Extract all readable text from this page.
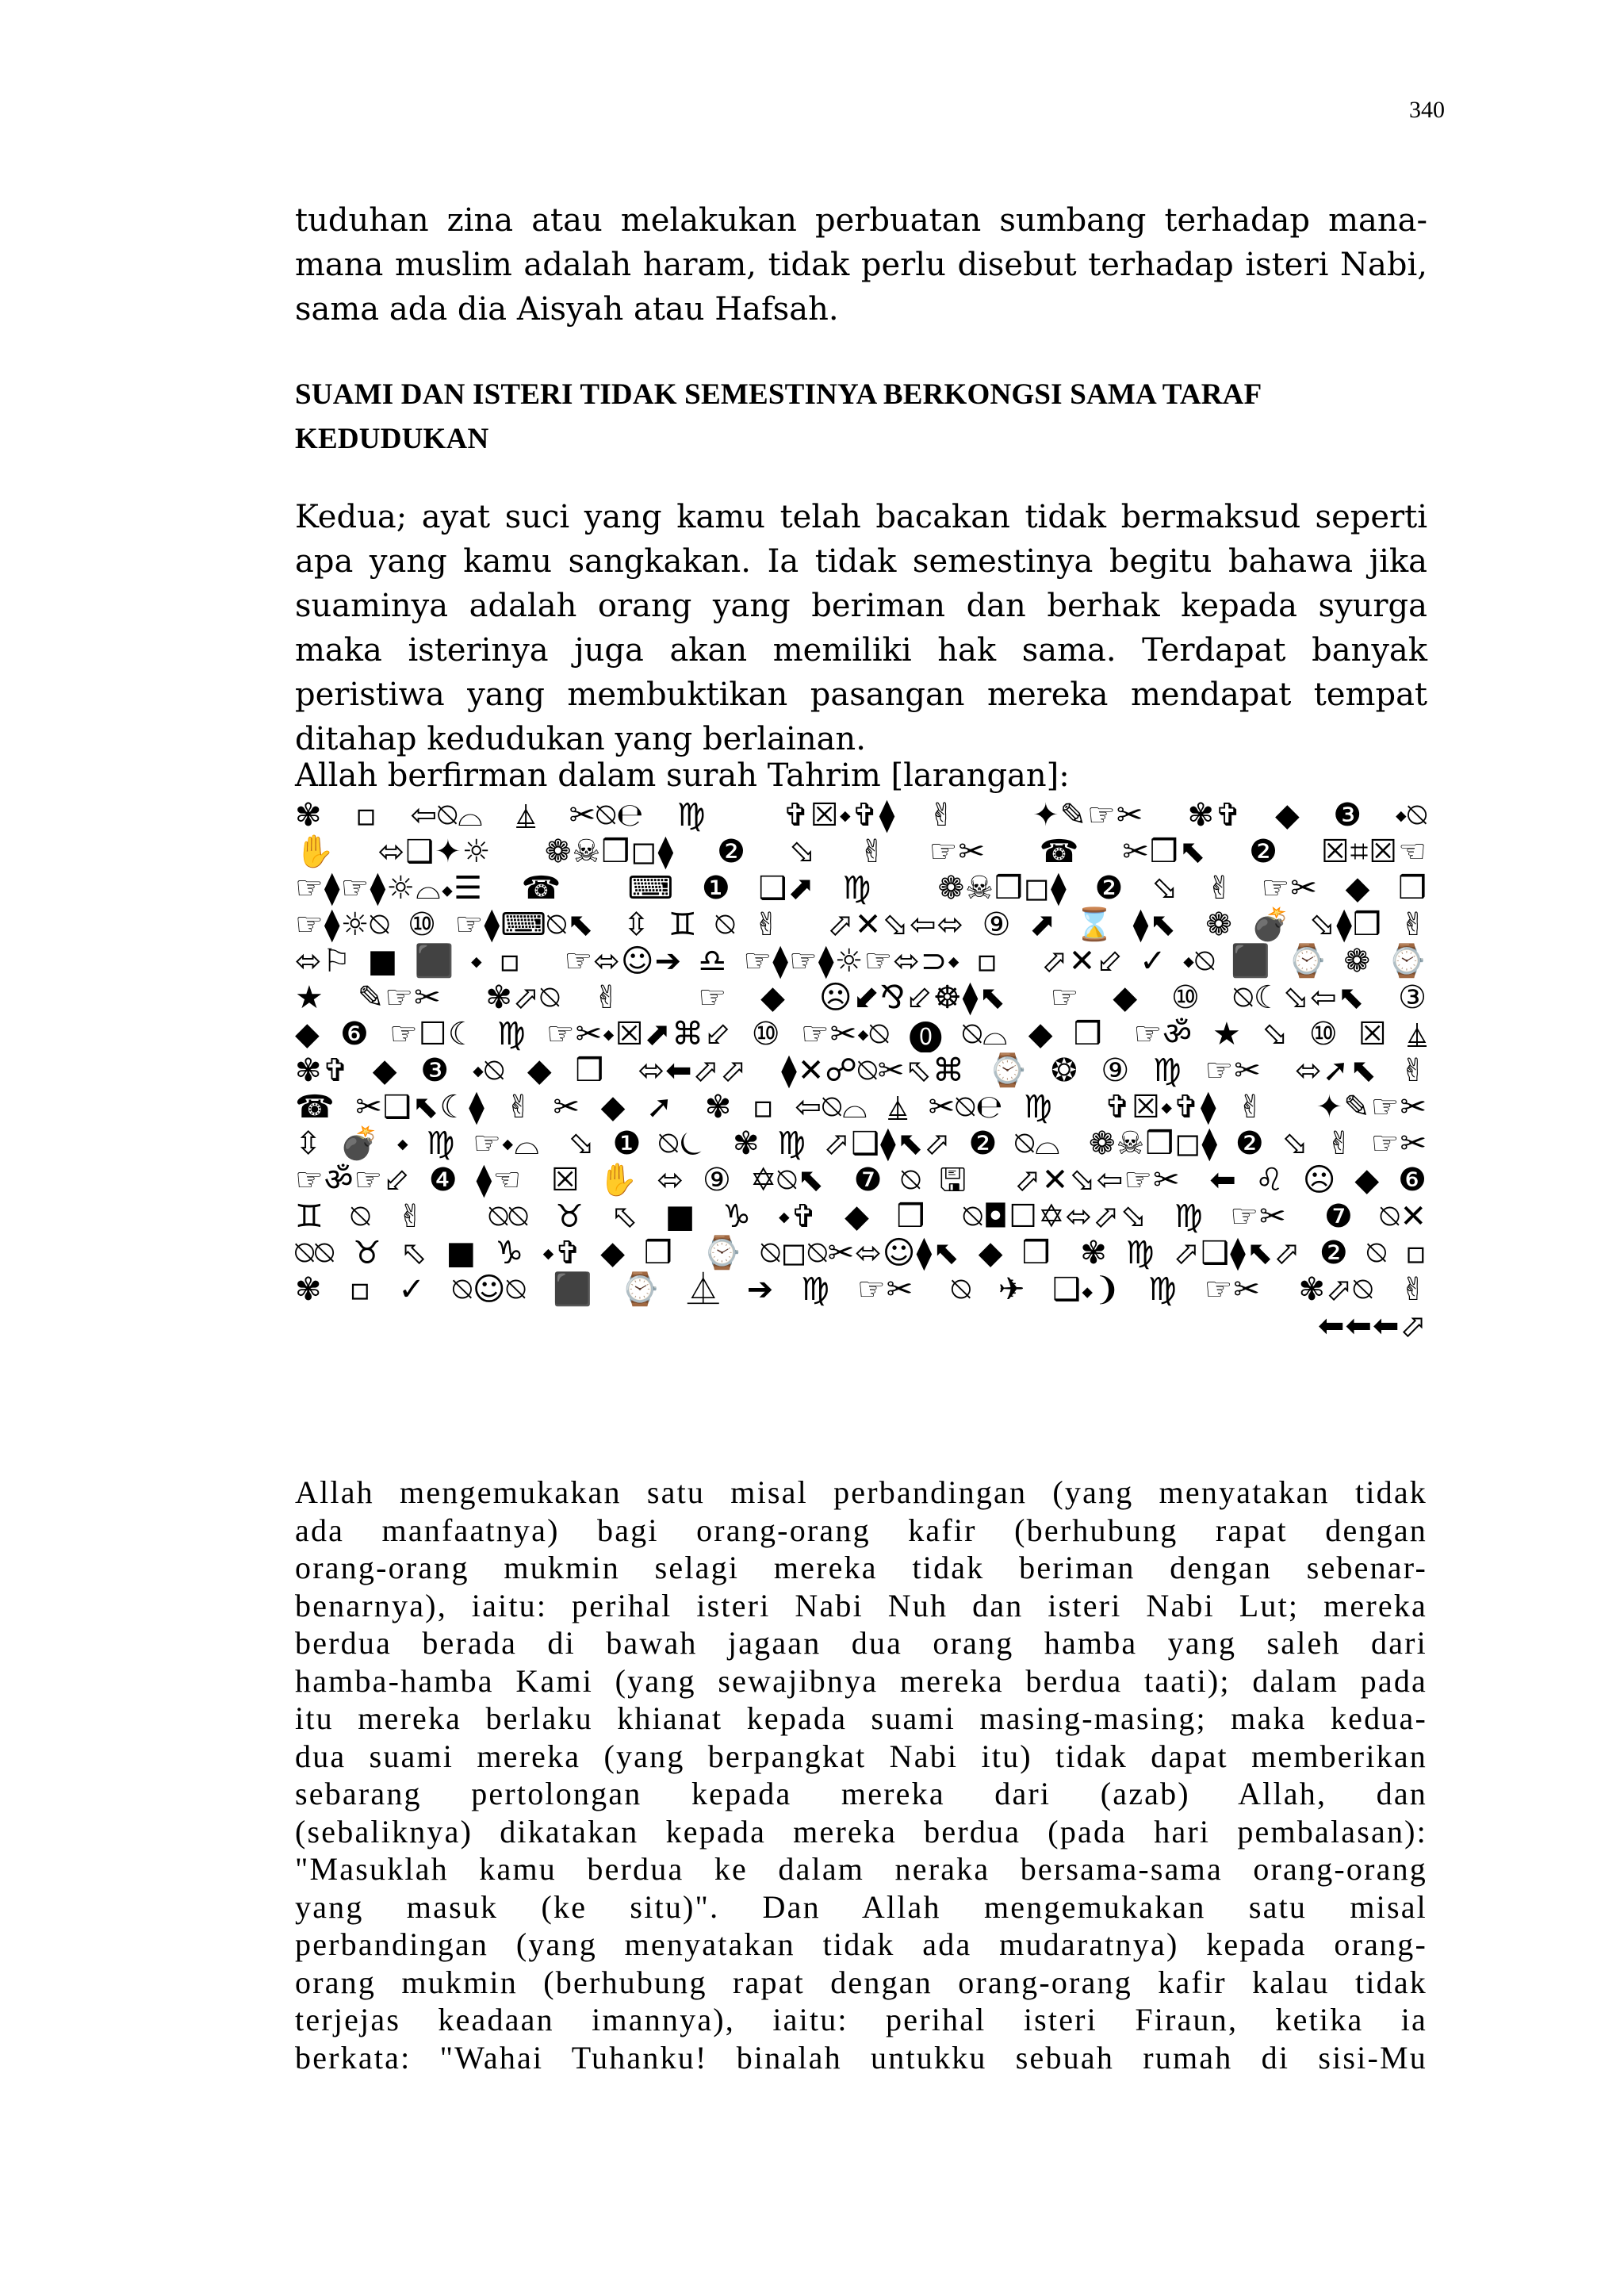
340

tuduhan zina atau melakukan perbuatan sumbang terhadap mana-mana muslim adalah haram, tidak perlu disebut terhadap isteri Nabi, sama ada dia Aisyah atau Hafsah.

SUAMI DAN ISTERI TIDAK SEMESTINYA BERKONGSI SAMA TARAF KEDUDUKAN

Kedua; ayat suci yang kamu telah bacakan tidak bermaksud seperti apa yang kamu sangkakan. Ia tidak semestinya begitu bahawa jika suaminya adalah orang yang beriman dan berhak kepada syurga maka isterinya juga akan memiliki hak sama. Terdapat banyak peristiwa yang membuktikan pasangan mereka mendapat tempat ditahap kedudukan yang berlainan.

Allah berfirman dalam surah Tahrim [larangan]:

✾▫⇦⍉⌓⏅✂⍉℮♍ ✞☒⬩✞⧫✌ ✦✎☞✂ ✾✞◆❸⬩⍉
✋⬄❑✦☼ ❁☠❒◻⧫❷⬂✌☞✂ ☎✂❒⬉❷☒⌗☒☜
☞⧫☞⧫☼⌓⬩☰ ☎ ⌨❶❑⬈♍ ❁☠❒◻⧫❷⬂✌☞✂◆❒
☞⧫☼⍉⑩☞⧫⌨⍉⬉ ⇳♊⍉✌ ⬀✕⬂⇦⬄⑨⬈⌛⧫⬉ ❁💣⬂⧫❒✌
⬄⚐■⬛⬩▫ ☞⬄☺➔♎☞⧫☞⧫☼☞⬄⊃⬩▫ ⬀✕⬃✓⬩⍉⬛⌚❁⌚
★✎☞✂ ✾⬀⍉✌ ☞◆☹⬋⅋⬃☸⧫⬉ ☞◆⑩⍉☾⬂⇦⬉③
◆❻☞☐☾♍☞✂⬩☒⬈⌘⬃⑩☞✂⬩⍉⓿⍉⌓◆❒ ☞ॐ★⬂⑩☒⏅
✾✞◆❸⬩⍉◆❒ ⬄⬅⬀⬀ ⧫✕☍⍉✂⬁⌘⌚❂⑨♍☞✂ ⬄➚⬉✌
☎✂❑⬉☾⧫✌✂◆➚ ✾▫⇦⍉⌓⏅✂⍉℮♍ ✞☒⬩✞⧫✌ ✦✎☞✂
⇳💣⬩♍☞⬩⌓ ⬂❶⍉⏾ ✾♍⬀❑⧫⬉⬀❷⍉⌓ ❁☠❒◻⧫❷⬂✌☞✂
☞ॐ☞⬃❹⧫☜ ☒✋⬄⑨✡⍉⬉ ❼⍉🖫 ⬀✕⬂⇦☞✂ ⬅♌☹◆❻
♊⍉✌ ⍉⍉♉⬁■♑⬩✞◆❒ ⍉◘☐✡⬄⬀⬂♍☞✂ ❼⍉✕
⍉⍉♉⬁■♑⬩✞◆❒ ⌚⍉◻⍉✂⬄☺⧫⬉◆❒ ✾♍⬀❑⧫⬉⬀❷⍉▫
✾▫✓⍉☺⍉⬛⌚⏅➔♍☞✂ ⍉✈❑⬩❩♍☞✂ ✾⬀⍉✌
⬅⬅⬅⬀
Allah mengemukakan satu misal perbandingan (yang menyatakan tidak
ada manfaatnya) bagi orang-orang kafir (berhubung rapat dengan
orang-orang mukmin selagi mereka tidak beriman dengan sebenar-
benarnya), iaitu: perihal isteri Nabi Nuh dan isteri Nabi Lut; mereka
berdua berada di bawah jagaan dua orang hamba yang saleh dari
hamba-hamba Kami (yang sewajibnya mereka berdua taati); dalam pada
itu mereka berlaku khianat kepada suami masing-masing; maka kedua-
dua suami mereka (yang berpangkat Nabi itu) tidak dapat memberikan
sebarang pertolongan kepada mereka dari (azab) Allah, dan
(sebaliknya) dikatakan kepada mereka berdua (pada hari pembalasan):
"Masuklah kamu berdua ke dalam neraka bersama-sama orang-orang
yang masuk (ke situ)". Dan Allah mengemukakan satu misal
perbandingan (yang menyatakan tidak ada mudaratnya) kepada orang-
orang mukmin (berhubung rapat dengan orang-orang kafir kalau tidak
terjejas keadaan imannya), iaitu: perihal isteri Firaun, ketika ia
berkata: "Wahai Tuhanku! binalah untukku sebuah rumah di sisi-Mu
